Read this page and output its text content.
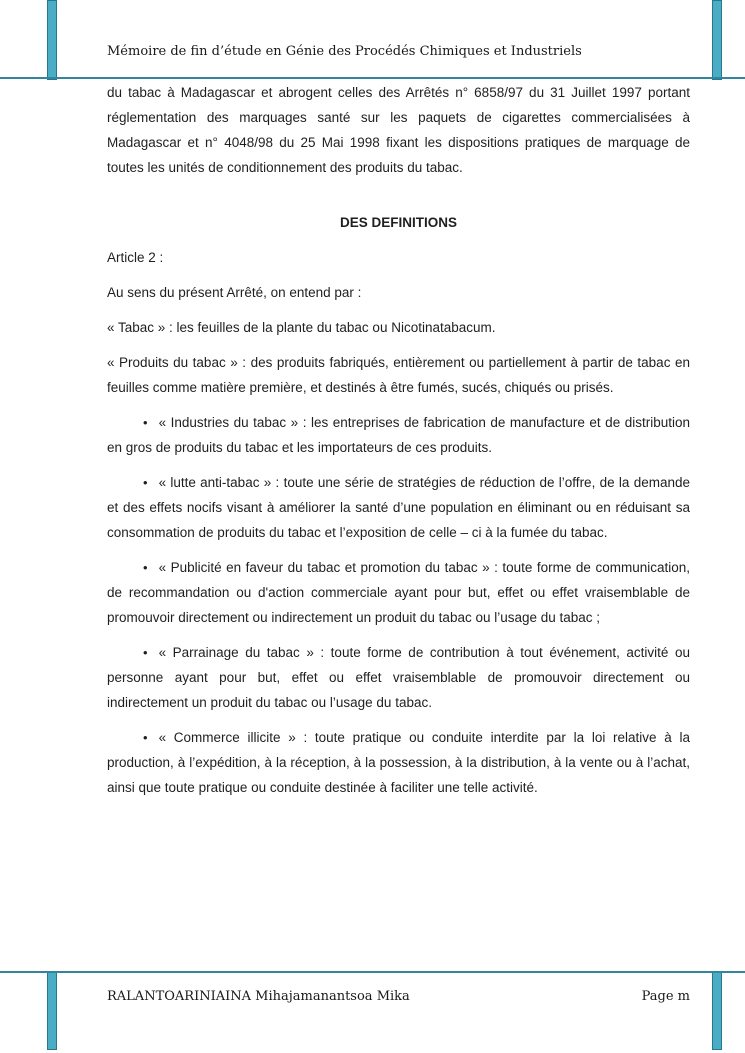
Mémoire de fin d’étude en Génie des Procédés Chimiques et Industriels

du tabac à Madagascar et abrogent celles des Arrêtés n° 6858/97 du 31 Juillet 1997 portant réglementation des marquages santé sur les paquets de cigarettes commercialisées à Madagascar et n° 4048/98 du 25 Mai 1998 fixant les dispositions pratiques de marquage de toutes les unités de conditionnement des produits du tabac.

DES DEFINITIONS

Article 2 :

Au sens du présent Arrêté, on entend par :

« Tabac » : les feuilles de la plante du tabac ou Nicotinatabacum.

« Produits du tabac » : des produits fabriqués, entièrement ou partiellement à partir de tabac en feuilles comme matière première, et destinés à être fumés, sucés, chiqués ou prisés.

• « Industries du tabac » : les entreprises de fabrication de manufacture et de distribution en gros de produits du tabac et les importateurs de ces produits.

• « lutte anti-tabac » : toute une série de stratégies de réduction de l’offre, de la demande et des effets nocifs visant à améliorer la santé d’une population en éliminant ou en réduisant sa consommation de produits du tabac et l’exposition de celle – ci à la fumée du tabac.

• « Publicité en faveur du tabac et promotion du tabac » : toute forme de communication, de recommandation ou d'action commerciale ayant pour but, effet ou effet vraisemblable de promouvoir directement ou indirectement un produit du tabac ou l’usage du tabac ;

• « Parrainage du tabac » : toute forme de contribution à tout événement, activité ou personne ayant pour but, effet ou effet vraisemblable de promouvoir directement ou indirectement un produit du tabac ou l’usage du tabac.

• « Commerce illicite » : toute pratique ou conduite interdite par la loi relative à la production, à l’expédition, à la réception, à la possession, à la distribution, à la vente ou à l’achat, ainsi que toute pratique ou conduite destinée à faciliter une telle activité.

RALANTOARINIAINA Mihajamanantsoa Mika	Page m
